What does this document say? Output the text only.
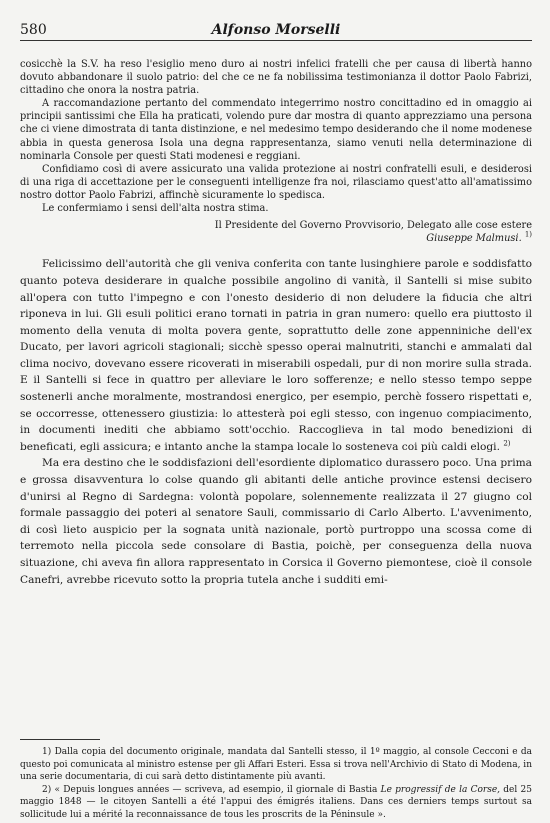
580	Alfonso Morselli

cosicchè la S.V. ha reso l'esiglio meno duro ai nostri infelici fratelli che per causa di libertà hanno dovuto abbandonare il suolo patrio: del che ce ne fa nobilissima testimonianza il dottor Paolo Fabrizi, cittadino che onora la nostra patria.

A raccomandazione pertanto del commendato integerrimo nostro concittadino ed in omaggio ai principii santissimi che Ella ha praticati, volendo pure dar mostra di quanto apprezziamo una persona che ci viene dimostrata di tanta distinzione, e nel medesimo tempo desiderando che il nome modenese abbia in questa generosa Isola una degna rappresentanza, siamo venuti nella determinazione di nominarla Console per questi Stati modenesi e reggiani.

Confidiamo così di avere assicurato una valida protezione ai nostri confratelli esuli, e desiderosi di una riga di accettazione per le conseguenti intelligenze fra noi, rilasciamo quest'atto all'amatissimo nostro dottor Paolo Fabrizi, affinchè sicuramente lo spedisca.

Le confermiamo i sensi dell'alta nostra stima.

Il Presidente del Governo Provvisorio, Delegato alle cose estere

Giuseppe Malmusi. $^{1)}$

Felicissimo dell'autorità che gli veniva conferita con tante lusinghiere parole e soddisfatto quanto poteva desiderare in qualche possibile angolino di vanità, il Santelli si mise subito all'opera con tutto l'impegno e con l'onesto desiderio di non deludere la fiducia che altri riponeva in lui. Gli esuli politici erano tornati in patria in gran numero: quello era piuttosto il momento della venuta di molta povera gente, soprattutto delle zone appenniniche dell'ex Ducato, per lavori agricoli stagionali; sicchè spesso operai malnutriti, stanchi e ammalati dal clima nocivo, dovevano essere ricoverati in miserabili ospedali, pur di non morire sulla strada. E il Santelli si fece in quattro per alleviare le loro sofferenze; e nello stesso tempo seppe sostenerli anche moralmente, mostrandosi energico, per esempio, perchè fossero rispettati e, se occorresse, ottenessero giustizia: lo attesterà poi egli stesso, con ingenuo compiacimento, in documenti inediti che abbiamo sott'occhio. Raccoglieva in tal modo benedizioni di beneficati, egli assicura; e intanto anche la stampa locale lo sosteneva coi più caldi elogi. $^{2)}$

Ma era destino che le soddisfazioni dell'esordiente diplomatico durassero poco. Una prima e grossa disavventura lo colse quando gli abitanti delle antiche province estensi decisero d'unirsi al Regno di Sardegna: volontà popolare, solennemente realizzata il 27 giugno col formale passaggio dei poteri al senatore Sauli, commissario di Carlo Alberto. L'avvenimento, di così lieto auspicio per la sognata unità nazionale, portò purtroppo una scossa come di terremoto nella piccola sede consolare di Bastia, poichè, per conseguenza della nuova situazione, chi aveva fin allora rappresentato in Corsica il Governo piemontese, cioè il console Canefri, avrebbe ricevuto sotto la propria tutela anche i sudditi emi-

1) Dalla copia del documento originale, mandata dal Santelli stesso, il 1º maggio, al console Cecconi e da questo poi comunicata al ministro estense per gli Affari Esteri. Essa si trova nell'Archivio di Stato di Modena, in una serie documentaria, di cui sarà detto distintamente più avanti.

2) « Depuis longues années — scriveva, ad esempio, il giornale di Bastia Le progressif de la Corse, del 25 maggio 1848 — le citoyen Santelli a été l'appui des émigrés italiens. Dans ces derniers temps surtout sa sollicitude lui a mérité la reconnaissance de tous les proscrits de la Péninsule ».
